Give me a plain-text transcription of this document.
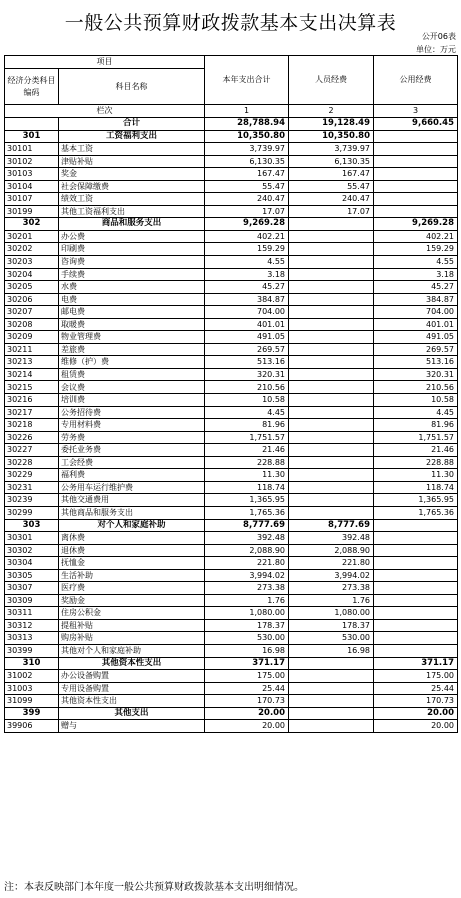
一般公共预算财政拨款基本支出决算表
公开06表
单位：万元
项目		本年支出合计	人员经费	公用经费
经济分类科目编码	科目名称			
栏次		1	2	3
	合计	28,788.94	19,128.49	9,660.45
301	工资福利支出	10,350.80	10,350.80	
30101	基本工资	3,739.97	3,739.97	
30102	津贴补贴	6,130.35	6,130.35	
30103	奖金	167.47	167.47	
30104	社会保障缴费	55.47	55.47	
30107	绩效工资	240.47	240.47	
30199	其他工资福利支出	17.07	17.07	
302	商品和服务支出	9,269.28		9,269.28
30201	办公费	402.21		402.21
30202	印刷费	159.29		159.29
30203	咨询费	4.55		4.55
30204	手续费	3.18		3.18
30205	水费	45.27		45.27
30206	电费	384.87		384.87
30207	邮电费	704.00		704.00
30208	取暖费	401.01		401.01
30209	物业管理费	491.05		491.05
30211	差旅费	269.57		269.57
30213	维修（护）费	513.16		513.16
30214	租赁费	320.31		320.31
30215	会议费	210.56		210.56
30216	培训费	10.58		10.58
30217	公务招待费	4.45		4.45
30218	专用材料费	81.96		81.96
30226	劳务费	1,751.57		1,751.57
30227	委托业务费	21.46		21.46
30228	工会经费	228.88		228.88
30229	福利费	11.30		11.30
30231	公务用车运行维护费	118.74		118.74
30239	其他交通费用	1,365.95		1,365.95
30299	其他商品和服务支出	1,765.36		1,765.36
303	对个人和家庭补助	8,777.69	8,777.69	
30301	离休费	392.48	392.48	
30302	退休费	2,088.90	2,088.90	
30304	抚恤金	221.80	221.80	
30305	生活补助	3,994.02	3,994.02	
30307	医疗费	273.38	273.38	
30309	奖励金	1.76	1.76	
30311	住房公积金	1,080.00	1,080.00	
30312	提租补贴	178.37	178.37	
30313	购房补贴	530.00	530.00	
30399	其他对个人和家庭补助	16.98	16.98	
310	其他资本性支出	371.17		371.17
31002	办公设备购置	175.00		175.00
31003	专用设备购置	25.44		25.44
31099	其他资本性支出	170.73		170.73
399	其他支出	20.00		20.00
39906	赠与	20.00		20.00
注：本表反映部门本年度一般公共预算财政拨款基本支出明细情况。
